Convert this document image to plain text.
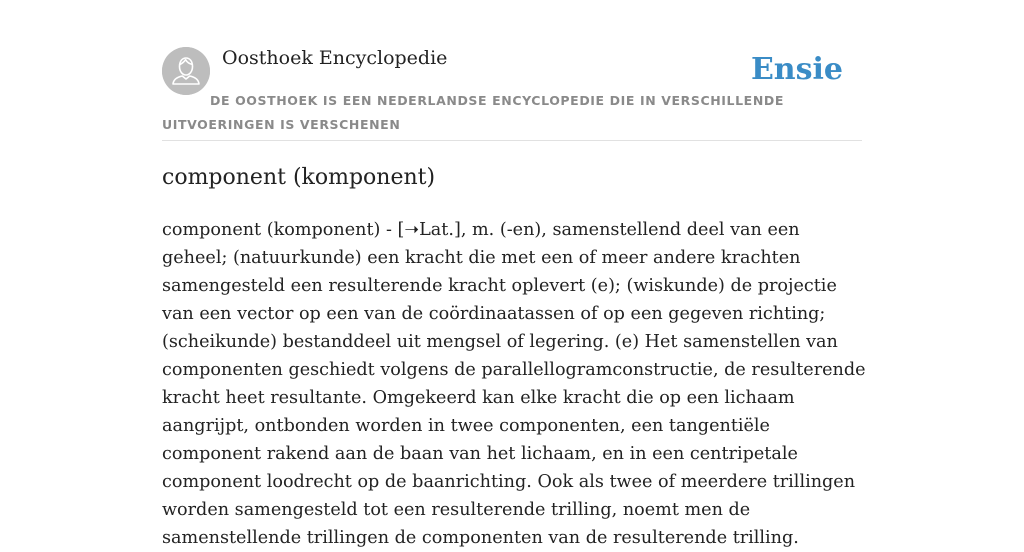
Oosthoek Encyclopedie	Ensie
DE OOSTHOEK IS EEN NEDERLANDSE ENCYCLOPEDIE DIE IN VERSCHILLENDE UITVOERINGEN IS VERSCHENEN
component (komponent)

component (komponent) - [➝Lat.], m. (-en), samenstellend deel van een geheel; (natuurkunde) een kracht die met een of meer andere krachten samengesteld een resulterende kracht oplevert (e); (wiskunde) de projectie van een vector op een van de coördinaatassen of op een gegeven richting; (scheikunde) bestanddeel uit mengsel of legering. (e) Het samenstellen van componenten geschiedt volgens de parallellogramconstructie, de resulterende kracht heet resultante. Omgekeerd kan elke kracht die op een lichaam aangrijpt, ontbonden worden in twee componenten, een tangentiële component rakend aan de baan van het lichaam, en in een centripetale component loodrecht op de baanrichting. Ook als twee of meerdere trillingen worden samengesteld tot een resulterende trilling, noemt men de samenstellende trillingen de componenten van de resulterende trilling.
